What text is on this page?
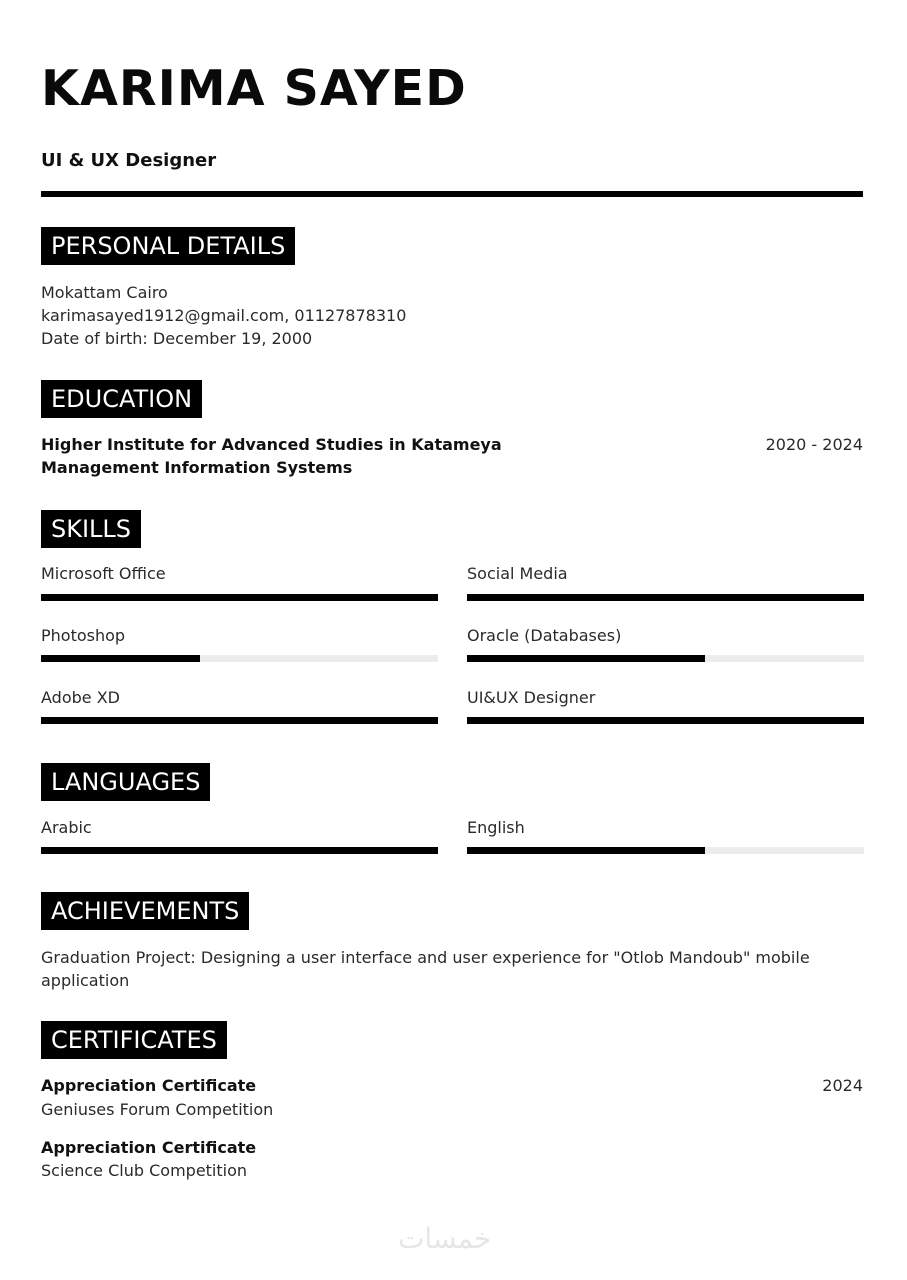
KARIMA SAYED
UI & UX Designer
PERSONAL DETAILS
Mokattam Cairo
karimasayed1912@gmail.com, 01127878310
Date of birth: December 19, 2000
EDUCATION
Higher Institute for Advanced Studies in Katameya
Management Information Systems
2020 - 2024
SKILLS
Microsoft Office	Social Media
Photoshop	Oracle (Databases)
Adobe XD	UI&UX Designer
LANGUAGES
Arabic	English
ACHIEVEMENTS
Graduation Project: Designing a user interface and user experience for "Otlob Mandoub" mobile application
CERTIFICATES
Appreciation Certificate
Geniuses Forum Competition
2024
Appreciation Certificate
Science Club Competition
خمسات
